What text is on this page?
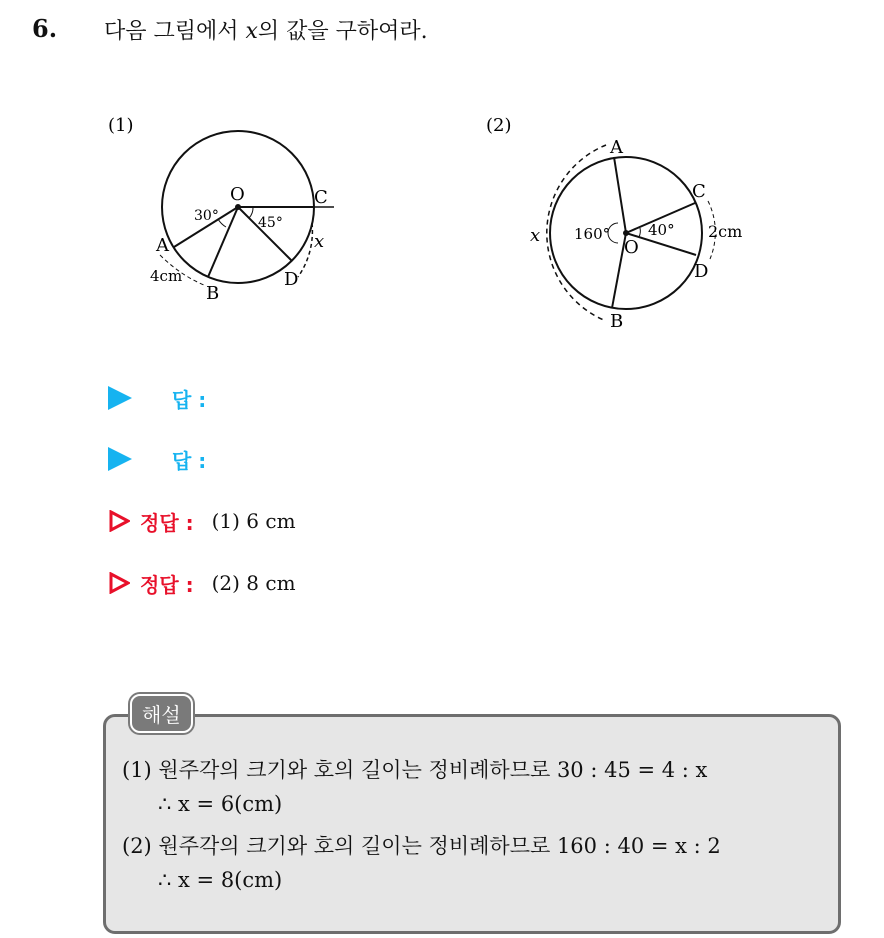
6. 다음 그림에서 x의 값을 구하여라.
(1)
O	C
A
B
D
30°	45°
4cm
x
(2)
A
B
C
D
O
160°	40° 2cm
x
답 :
답 :
정답 : (1) 6 cm
정답 : (2) 8 cm
해설
(1) 원주각의 크기와 호의 길이는 정비례하므로 30 : 45 = 4 : x
∴ x = 6(cm)
(2) 원주각의 크기와 호의 길이는 정비례하므로 160 : 40 = x : 2
∴ x = 8(cm)
